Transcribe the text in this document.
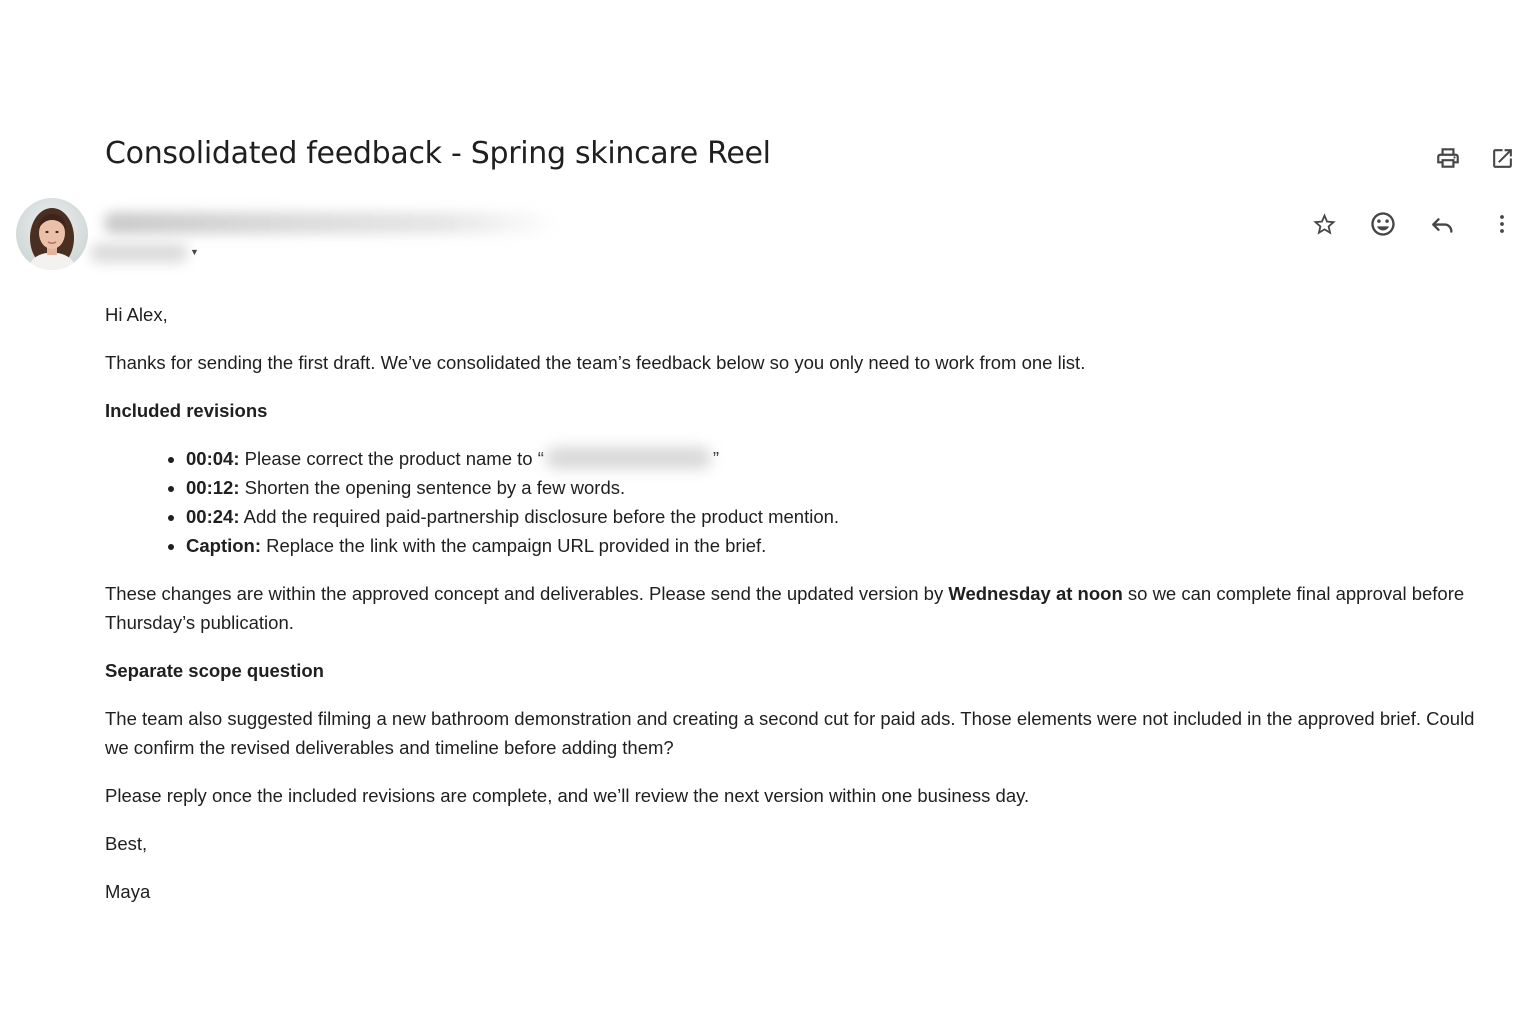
Consolidated feedback - Spring skincare Reel
▼

Hi Alex,

Thanks for sending the first draft. We’ve consolidated the team’s feedback below so you only need to work from one list.

Included revisions
• 00:04: Please correct the product name to “	”
• 00:12: Shorten the opening sentence by a few words.
• 00:24: Add the required paid-partnership disclosure before the product mention.
• Caption: Replace the link with the campaign URL provided in the brief.

These changes are within the approved concept and deliverables. Please send the updated version by Wednesday at noon so we can complete final approval before Thursday’s publication.

Separate scope question

The team also suggested filming a new bathroom demonstration and creating a second cut for paid ads. Those elements were not included in the approved brief. Could we confirm the revised deliverables and timeline before adding them?

Please reply once the included revisions are complete, and we’ll review the next version within one business day.

Best,

Maya
